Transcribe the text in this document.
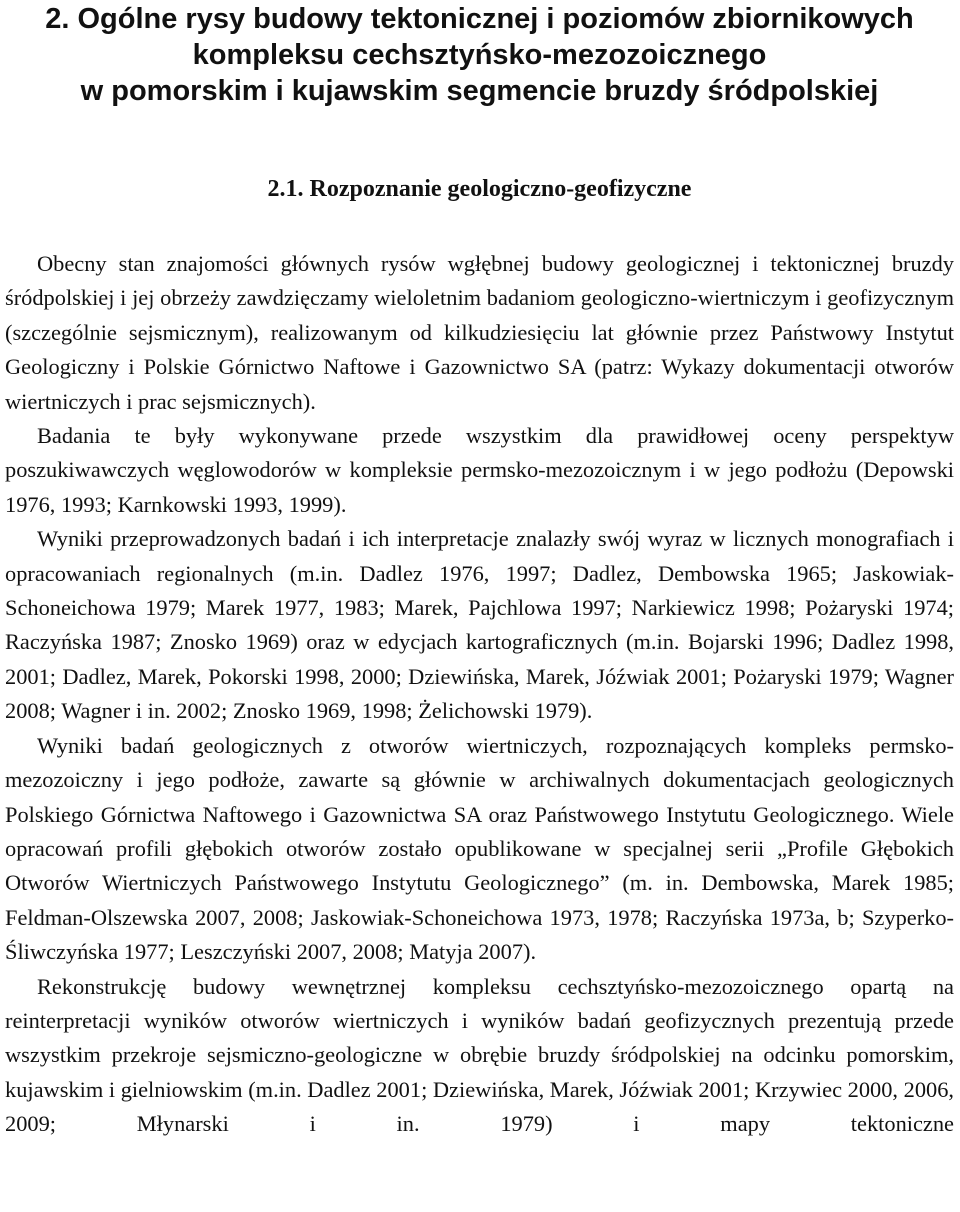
2. Ogólne rysy budowy tektonicznej i poziomów zbiornikowych
kompleksu cechsztyńsko-mezozoicznego
w pomorskim i kujawskim segmencie bruzdy śródpolskiej
2.1. Rozpoznanie geologiczno-geofizyczne

Obecny stan znajomości głównych rysów wgłębnej budowy geologicznej i tektonicznej bruzdy śródpolskiej i jej obrzeży zawdzięczamy wieloletnim badaniom geologiczno-wiertniczym i geofizycznym (szczególnie sejsmicznym), realizowanym od kilkudziesięciu lat głównie przez Państwowy Instytut Geologiczny i Polskie Górnictwo Naftowe i Gazownictwo SA (patrz: Wykazy dokumentacji otworów wiertniczych i prac sejsmicznych).

Badania te były wykonywane przede wszystkim dla prawidłowej oceny perspektyw poszukiwawczych węglowodorów w kompleksie permsko-mezozoicznym i w jego podłożu (Depowski 1976, 1993; Karnkowski 1993, 1999).

Wyniki przeprowadzonych badań i ich interpretacje znalazły swój wyraz w licznych monografiach i opracowaniach regionalnych (m.in. Dadlez 1976, 1997; Dadlez, Dembowska 1965; Jaskowiak-Schoneichowa 1979; Marek 1977, 1983; Marek, Pajchlowa 1997; Narkiewicz 1998; Pożaryski 1974; Raczyńska 1987; Znosko 1969) oraz w edycjach kartograficznych (m.in. Bojarski 1996; Dadlez 1998, 2001; Dadlez, Marek, Pokorski 1998, 2000; Dziewińska, Marek, Jóźwiak 2001; Pożaryski 1979; Wagner 2008; Wagner i in. 2002; Znosko 1969, 1998; Żelichowski 1979).

Wyniki badań geologicznych z otworów wiertniczych, rozpoznających kompleks permsko-mezozoiczny i jego podłoże, zawarte są głównie w archiwalnych dokumentacjach geologicznych Polskiego Górnictwa Naftowego i Gazownictwa SA oraz Państwowego Instytutu Geologicznego. Wiele opracowań profili głębokich otworów zostało opublikowane w specjalnej serii „Profile Głębokich Otworów Wiertniczych Państwowego Instytutu Geologicznego” (m. in. Dembowska, Marek 1985; Feldman-Olszewska 2007, 2008; Jaskowiak-Schoneichowa 1973, 1978; Raczyńska 1973a, b; Szyperko-Śliwczyńska 1977; Leszczyński 2007, 2008; Matyja 2007).

Rekonstrukcję budowy wewnętrznej kompleksu cechsztyńsko-mezozoicznego opartą na reinterpretacji wyników otworów wiertniczych i wyników badań geofizycznych prezentują przede wszystkim przekroje sejsmiczno-geologiczne w obrębie bruzdy śródpolskiej na odcinku pomorskim, kujawskim i gielniowskim (m.in. Dadlez 2001; Dziewińska, Marek, Jóźwiak 2001; Krzywiec 2000, 2006, 2009; Młynarski i in. 1979) i mapy tektoniczne
